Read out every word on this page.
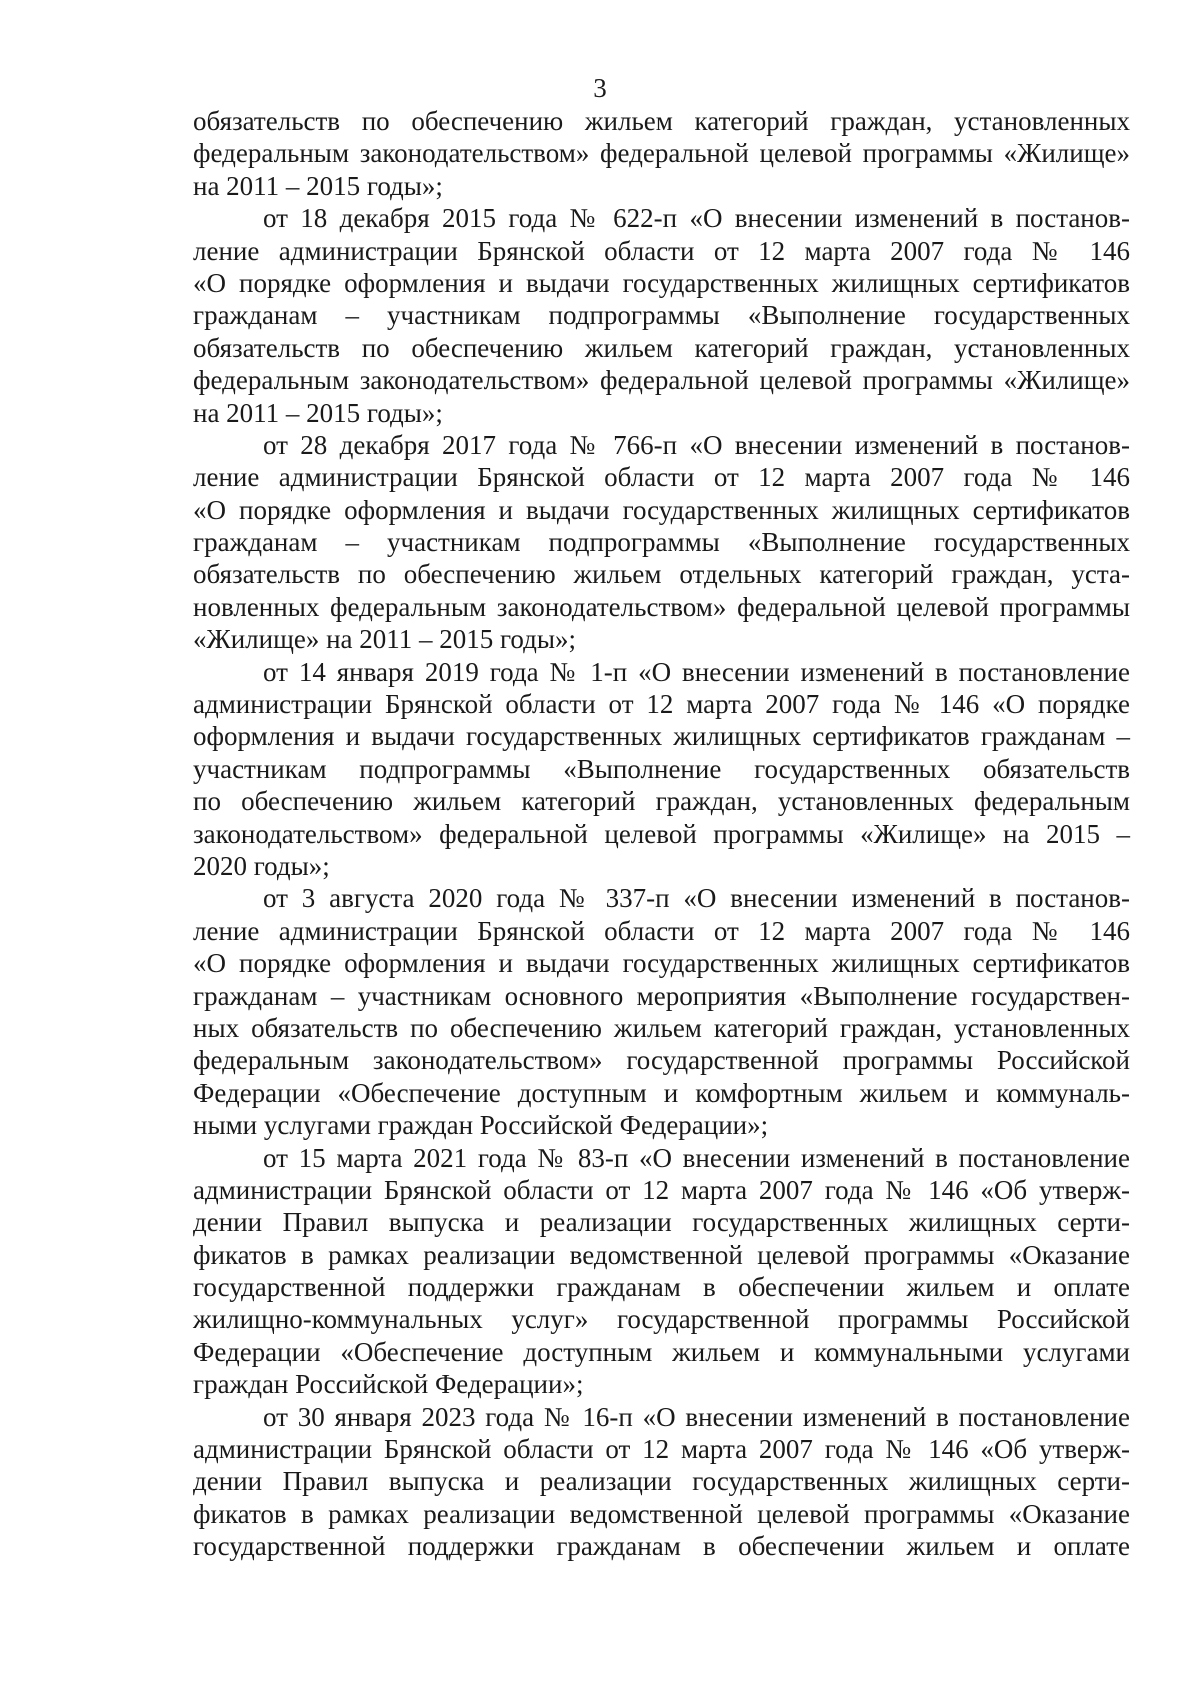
3
обязательств по обеспечению жильем категорий граждан, установленных
федеральным законодательством» федеральной целевой программы «Жилище»
на 2011 – 2015 годы»;
от 18 декабря 2015 года № 622-п «О внесении изменений в постанов-
ление администрации Брянской области от 12 марта 2007 года № 146
«О порядке оформления и выдачи государственных жилищных сертификатов
гражданам – участникам подпрограммы «Выполнение государственных
обязательств по обеспечению жильем категорий граждан, установленных
федеральным законодательством» федеральной целевой программы «Жилище»
на 2011 – 2015 годы»;
от 28 декабря 2017 года № 766-п «О внесении изменений в постанов-
ление администрации Брянской области от 12 марта 2007 года № 146
«О порядке оформления и выдачи государственных жилищных сертификатов
гражданам – участникам подпрограммы «Выполнение государственных
обязательств по обеспечению жильем отдельных категорий граждан, уста-
новленных федеральным законодательством» федеральной целевой программы
«Жилище» на 2011 – 2015 годы»;
от 14 января 2019 года № 1-п «О внесении изменений в постановление
администрации Брянской области от 12 марта 2007 года № 146 «О порядке
оформления и выдачи государственных жилищных сертификатов гражданам –
участникам подпрограммы «Выполнение государственных обязательств
по обеспечению жильем категорий граждан, установленных федеральным
законодательством» федеральной целевой программы «Жилище» на 2015 –
2020 годы»;
от 3 августа 2020 года № 337-п «О внесении изменений в постанов-
ление администрации Брянской области от 12 марта 2007 года № 146
«О порядке оформления и выдачи государственных жилищных сертификатов
гражданам – участникам основного мероприятия «Выполнение государствен-
ных обязательств по обеспечению жильем категорий граждан, установленных
федеральным законодательством» государственной программы Российской
Федерации «Обеспечение доступным и комфортным жильем и коммуналь-
ными услугами граждан Российской Федерации»;
от 15 марта 2021 года № 83-п «О внесении изменений в постановление
администрации Брянской области от 12 марта 2007 года № 146 «Об утверж-
дении Правил выпуска и реализации государственных жилищных серти-
фикатов в рамках реализации ведомственной целевой программы «Оказание
государственной поддержки гражданам в обеспечении жильем и оплате
жилищно-коммунальных услуг» государственной программы Российской
Федерации «Обеспечение доступным жильем и коммунальными услугами
граждан Российской Федерации»;
от 30 января 2023 года № 16-п «О внесении изменений в постановление
администрации Брянской области от 12 марта 2007 года № 146 «Об утверж-
дении Правил выпуска и реализации государственных жилищных серти-
фикатов в рамках реализации ведомственной целевой программы «Оказание
государственной поддержки гражданам в обеспечении жильем и оплате
